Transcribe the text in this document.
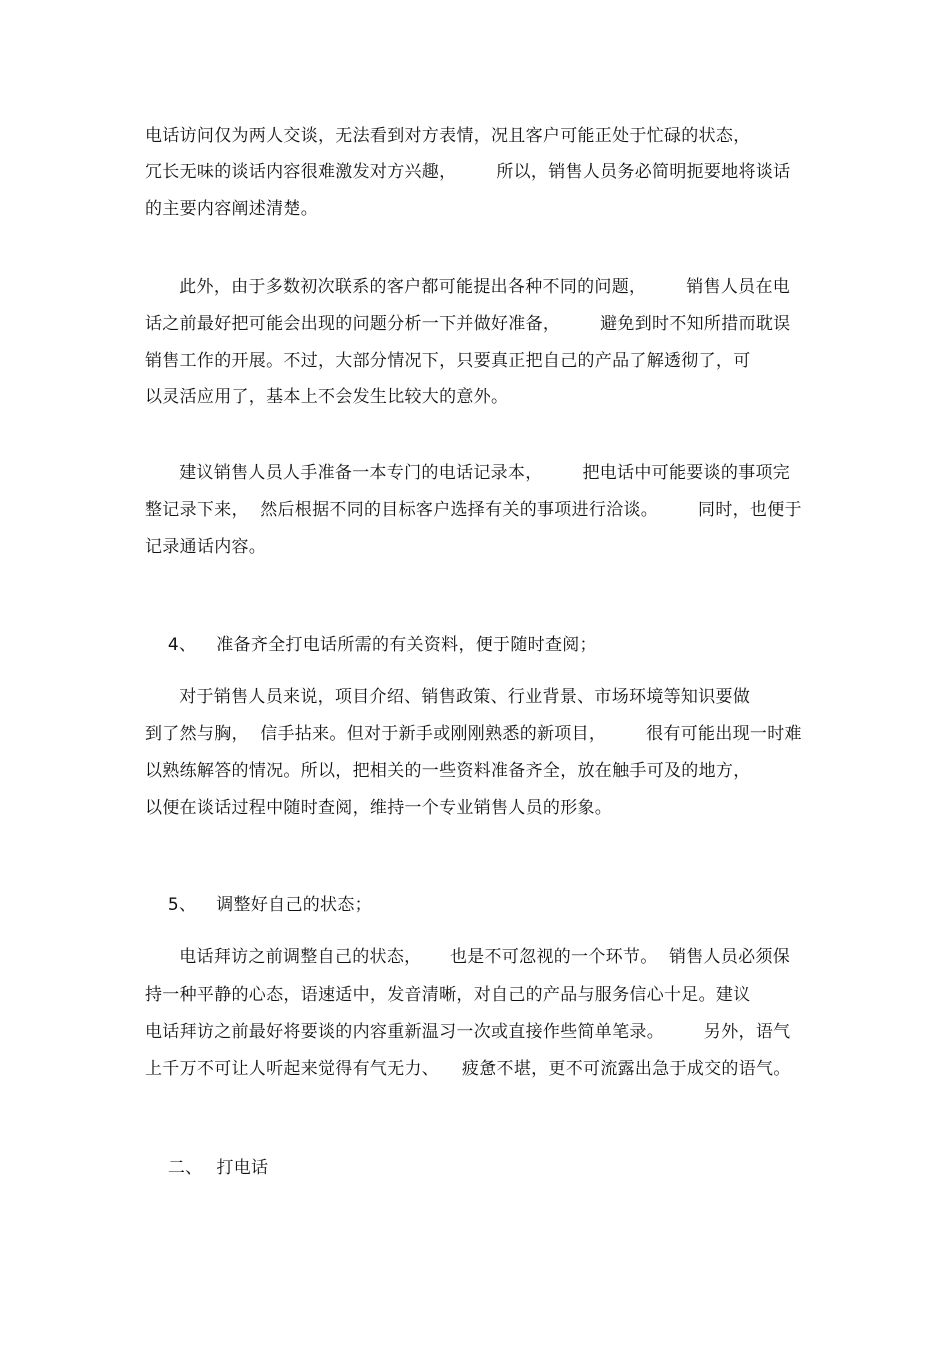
电话访问仅为两人交谈，无法看到对方表情，况且客户可能正处于忙碌的状态，
冗长无味的谈话内容很难激发对方兴趣，       所以，销售人员务必简明扼要地将谈话
的主要内容阐述清楚。
此外，由于多数初次联系的客户都可能提出各种不同的问题，       销售人员在电
话之前最好把可能会出现的问题分析一下并做好准备，       避免到时不知所措而耽误
销售工作的开展。不过，大部分情况下，只要真正把自己的产品了解透彻了，可
以灵活应用了，基本上不会发生比较大的意外。
建议销售人员人手准备一本专门的电话记录本，       把电话中可能要谈的事项完
整记录下来，  然后根据不同的目标客户选择有关的事项进行洽谈。       同时，也便于
记录通话内容。

4、 准备齐全打电话所需的有关资料，便于随时查阅；

对于销售人员来说，项目介绍、销售政策、行业背景、市场环境等知识要做
到了然与胸，  信手拈来。但对于新手或刚刚熟悉的新项目，       很有可能出现一时难
以熟练解答的情况。所以，把相关的一些资料准备齐全，放在触手可及的地方，
以便在谈话过程中随时查阅，维持一个专业销售人员的形象。

5、 调整好自己的状态；

电话拜访之前调整自己的状态，     也是不可忽视的一个环节。  销售人员必须保
持一种平静的心态，语速适中，发音清晰，对自己的产品与服务信心十足。建议
电话拜访之前最好将要谈的内容重新温习一次或直接作些简单笔录。       另外，语气
上千万不可让人听起来觉得有气无力、    疲惫不堪，更不可流露出急于成交的语气。

二、 打电话
